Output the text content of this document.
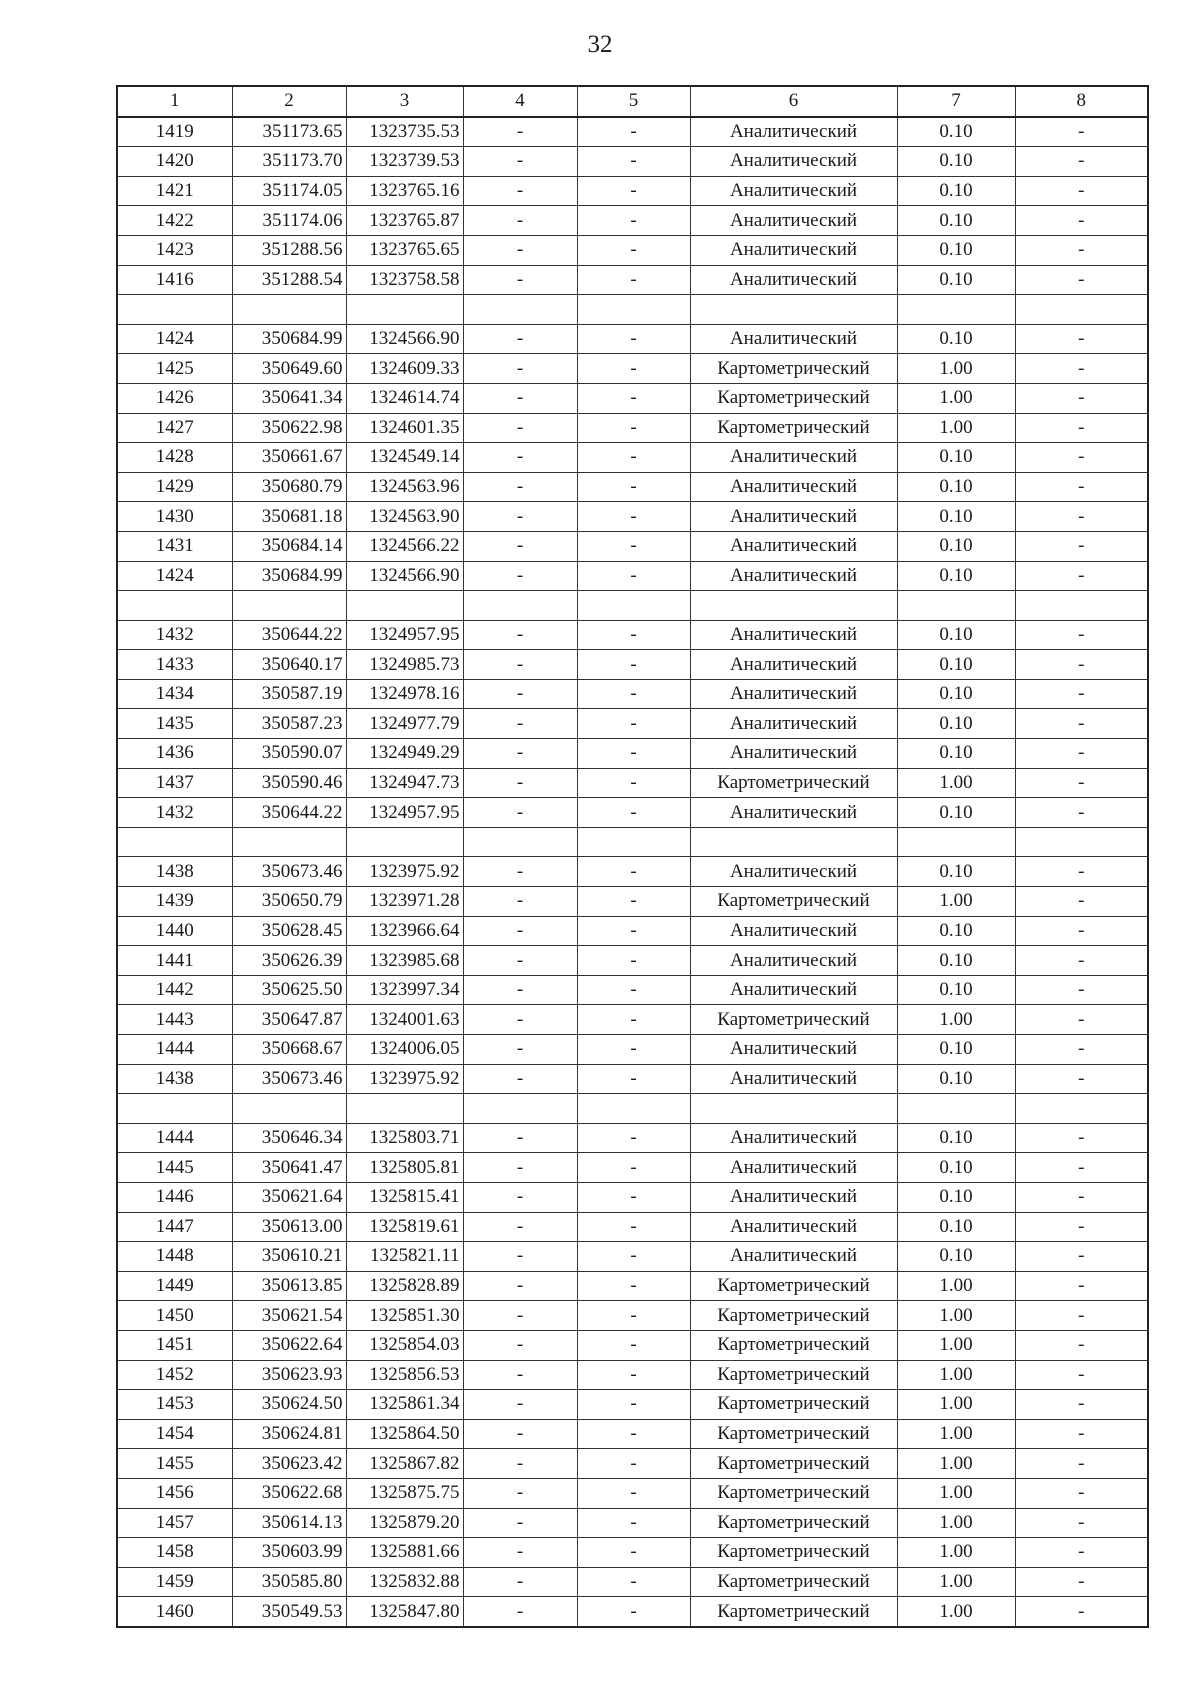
32
1	2	3	4	5	6	7	8
1419	351173.65	1323735.53	-	-	Аналитический	0.10	-
1420	351173.70	1323739.53	-	-	Аналитический	0.10	-
1421	351174.05	1323765.16	-	-	Аналитический	0.10	-
1422	351174.06	1323765.87	-	-	Аналитический	0.10	-
1423	351288.56	1323765.65	-	-	Аналитический	0.10	-
1416	351288.54	1323758.58	-	-	Аналитический	0.10	-

1424	350684.99	1324566.90	-	-	Аналитический	0.10	-
1425	350649.60	1324609.33	-	-	Картометрический	1.00	-
1426	350641.34	1324614.74	-	-	Картометрический	1.00	-
1427	350622.98	1324601.35	-	-	Картометрический	1.00	-
1428	350661.67	1324549.14	-	-	Аналитический	0.10	-
1429	350680.79	1324563.96	-	-	Аналитический	0.10	-
1430	350681.18	1324563.90	-	-	Аналитический	0.10	-
1431	350684.14	1324566.22	-	-	Аналитический	0.10	-
1424	350684.99	1324566.90	-	-	Аналитический	0.10	-

1432	350644.22	1324957.95	-	-	Аналитический	0.10	-
1433	350640.17	1324985.73	-	-	Аналитический	0.10	-
1434	350587.19	1324978.16	-	-	Аналитический	0.10	-
1435	350587.23	1324977.79	-	-	Аналитический	0.10	-
1436	350590.07	1324949.29	-	-	Аналитический	0.10	-
1437	350590.46	1324947.73	-	-	Картометрический	1.00	-
1432	350644.22	1324957.95	-	-	Аналитический	0.10	-

1438	350673.46	1323975.92	-	-	Аналитический	0.10	-
1439	350650.79	1323971.28	-	-	Картометрический	1.00	-
1440	350628.45	1323966.64	-	-	Аналитический	0.10	-
1441	350626.39	1323985.68	-	-	Аналитический	0.10	-
1442	350625.50	1323997.34	-	-	Аналитический	0.10	-
1443	350647.87	1324001.63	-	-	Картометрический	1.00	-
1444	350668.67	1324006.05	-	-	Аналитический	0.10	-
1438	350673.46	1323975.92	-	-	Аналитический	0.10	-

1444	350646.34	1325803.71	-	-	Аналитический	0.10	-
1445	350641.47	1325805.81	-	-	Аналитический	0.10	-
1446	350621.64	1325815.41	-	-	Аналитический	0.10	-
1447	350613.00	1325819.61	-	-	Аналитический	0.10	-
1448	350610.21	1325821.11	-	-	Аналитический	0.10	-
1449	350613.85	1325828.89	-	-	Картометрический	1.00	-
1450	350621.54	1325851.30	-	-	Картометрический	1.00	-
1451	350622.64	1325854.03	-	-	Картометрический	1.00	-
1452	350623.93	1325856.53	-	-	Картометрический	1.00	-
1453	350624.50	1325861.34	-	-	Картометрический	1.00	-
1454	350624.81	1325864.50	-	-	Картометрический	1.00	-
1455	350623.42	1325867.82	-	-	Картометрический	1.00	-
1456	350622.68	1325875.75	-	-	Картометрический	1.00	-
1457	350614.13	1325879.20	-	-	Картометрический	1.00	-
1458	350603.99	1325881.66	-	-	Картометрический	1.00	-
1459	350585.80	1325832.88	-	-	Картометрический	1.00	-
1460	350549.53	1325847.80	-	-	Картометрический	1.00	-
